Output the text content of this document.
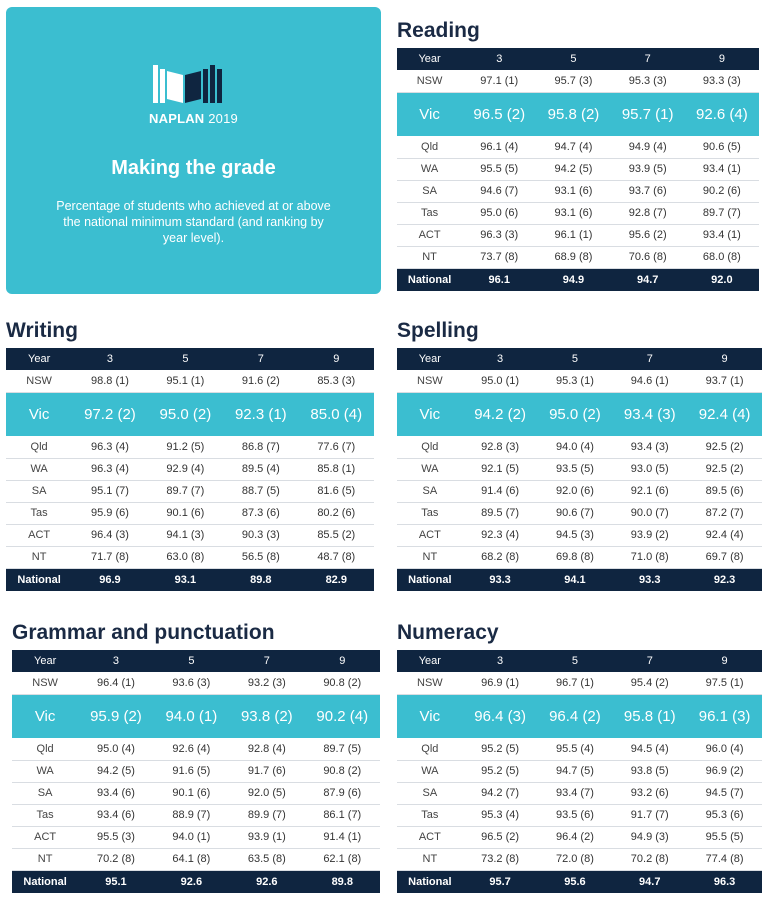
NAPLAN 2019
Making the grade
Percentage of students who achieved at or above the national minimum standard (and ranking by year level).
Reading
Year	3	5	7	9
NSW	97.1 (1)	95.7 (3)	95.3 (3)	93.3 (3)
Vic	96.5 (2)	95.8 (2)	95.7 (1)	92.6 (4)
Qld	96.1 (4)	94.7 (4)	94.9 (4)	90.6 (5)
WA	95.5 (5)	94.2 (5)	93.9 (5)	93.4 (1)
SA	94.6 (7)	93.1 (6)	93.7 (6)	90.2 (6)
Tas	95.0 (6)	93.1 (6)	92.8 (7)	89.7 (7)
ACT	96.3 (3)	96.1 (1)	95.6 (2)	93.4 (1)
NT	73.7 (8)	68.9 (8)	70.6 (8)	68.0 (8)
National	96.1	94.9	94.7	92.0
Writing
Year	3	5	7	9
NSW	98.8 (1)	95.1 (1)	91.6 (2)	85.3 (3)
Vic	97.2 (2)	95.0 (2)	92.3 (1)	85.0 (4)
Qld	96.3 (4)	91.2 (5)	86.8 (7)	77.6 (7)
WA	96.3 (4)	92.9 (4)	89.5 (4)	85.8 (1)
SA	95.1 (7)	89.7 (7)	88.7 (5)	81.6 (5)
Tas	95.9 (6)	90.1 (6)	87.3 (6)	80.2 (6)
ACT	96.4 (3)	94.1 (3)	90.3 (3)	85.5 (2)
NT	71.7 (8)	63.0 (8)	56.5 (8)	48.7 (8)
National	96.9	93.1	89.8	82.9
Spelling
Year	3	5	7	9
NSW	95.0 (1)	95.3 (1)	94.6 (1)	93.7 (1)
Vic	94.2 (2)	95.0 (2)	93.4 (3)	92.4 (4)
Qld	92.8 (3)	94.0 (4)	93.4 (3)	92.5 (2)
WA	92.1 (5)	93.5 (5)	93.0 (5)	92.5 (2)
SA	91.4 (6)	92.0 (6)	92.1 (6)	89.5 (6)
Tas	89.5 (7)	90.6 (7)	90.0 (7)	87.2 (7)
ACT	92.3 (4)	94.5 (3)	93.9 (2)	92.4 (4)
NT	68.2 (8)	69.8 (8)	71.0 (8)	69.7 (8)
National	93.3	94.1	93.3	92.3
Grammar and punctuation
Year	3	5	7	9
NSW	96.4 (1)	93.6 (3)	93.2 (3)	90.8 (2)
Vic	95.9 (2)	94.0 (1)	93.8 (2)	90.2 (4)
Qld	95.0 (4)	92.6 (4)	92.8 (4)	89.7 (5)
WA	94.2 (5)	91.6 (5)	91.7 (6)	90.8 (2)
SA	93.4 (6)	90.1 (6)	92.0 (5)	87.9 (6)
Tas	93.4 (6)	88.9 (7)	89.9 (7)	86.1 (7)
ACT	95.5 (3)	94.0 (1)	93.9 (1)	91.4 (1)
NT	70.2 (8)	64.1 (8)	63.5 (8)	62.1 (8)
National	95.1	92.6	92.6	89.8
Numeracy
Year	3	5	7	9
NSW	96.9 (1)	96.7 (1)	95.4 (2)	97.5 (1)
Vic	96.4 (3)	96.4 (2)	95.8 (1)	96.1 (3)
Qld	95.2 (5)	95.5 (4)	94.5 (4)	96.0 (4)
WA	95.2 (5)	94.7 (5)	93.8 (5)	96.9 (2)
SA	94.2 (7)	93.4 (7)	93.2 (6)	94.5 (7)
Tas	95.3 (4)	93.5 (6)	91.7 (7)	95.3 (6)
ACT	96.5 (2)	96.4 (2)	94.9 (3)	95.5 (5)
NT	73.2 (8)	72.0 (8)	70.2 (8)	77.4 (8)
National	95.7	95.6	94.7	96.3
